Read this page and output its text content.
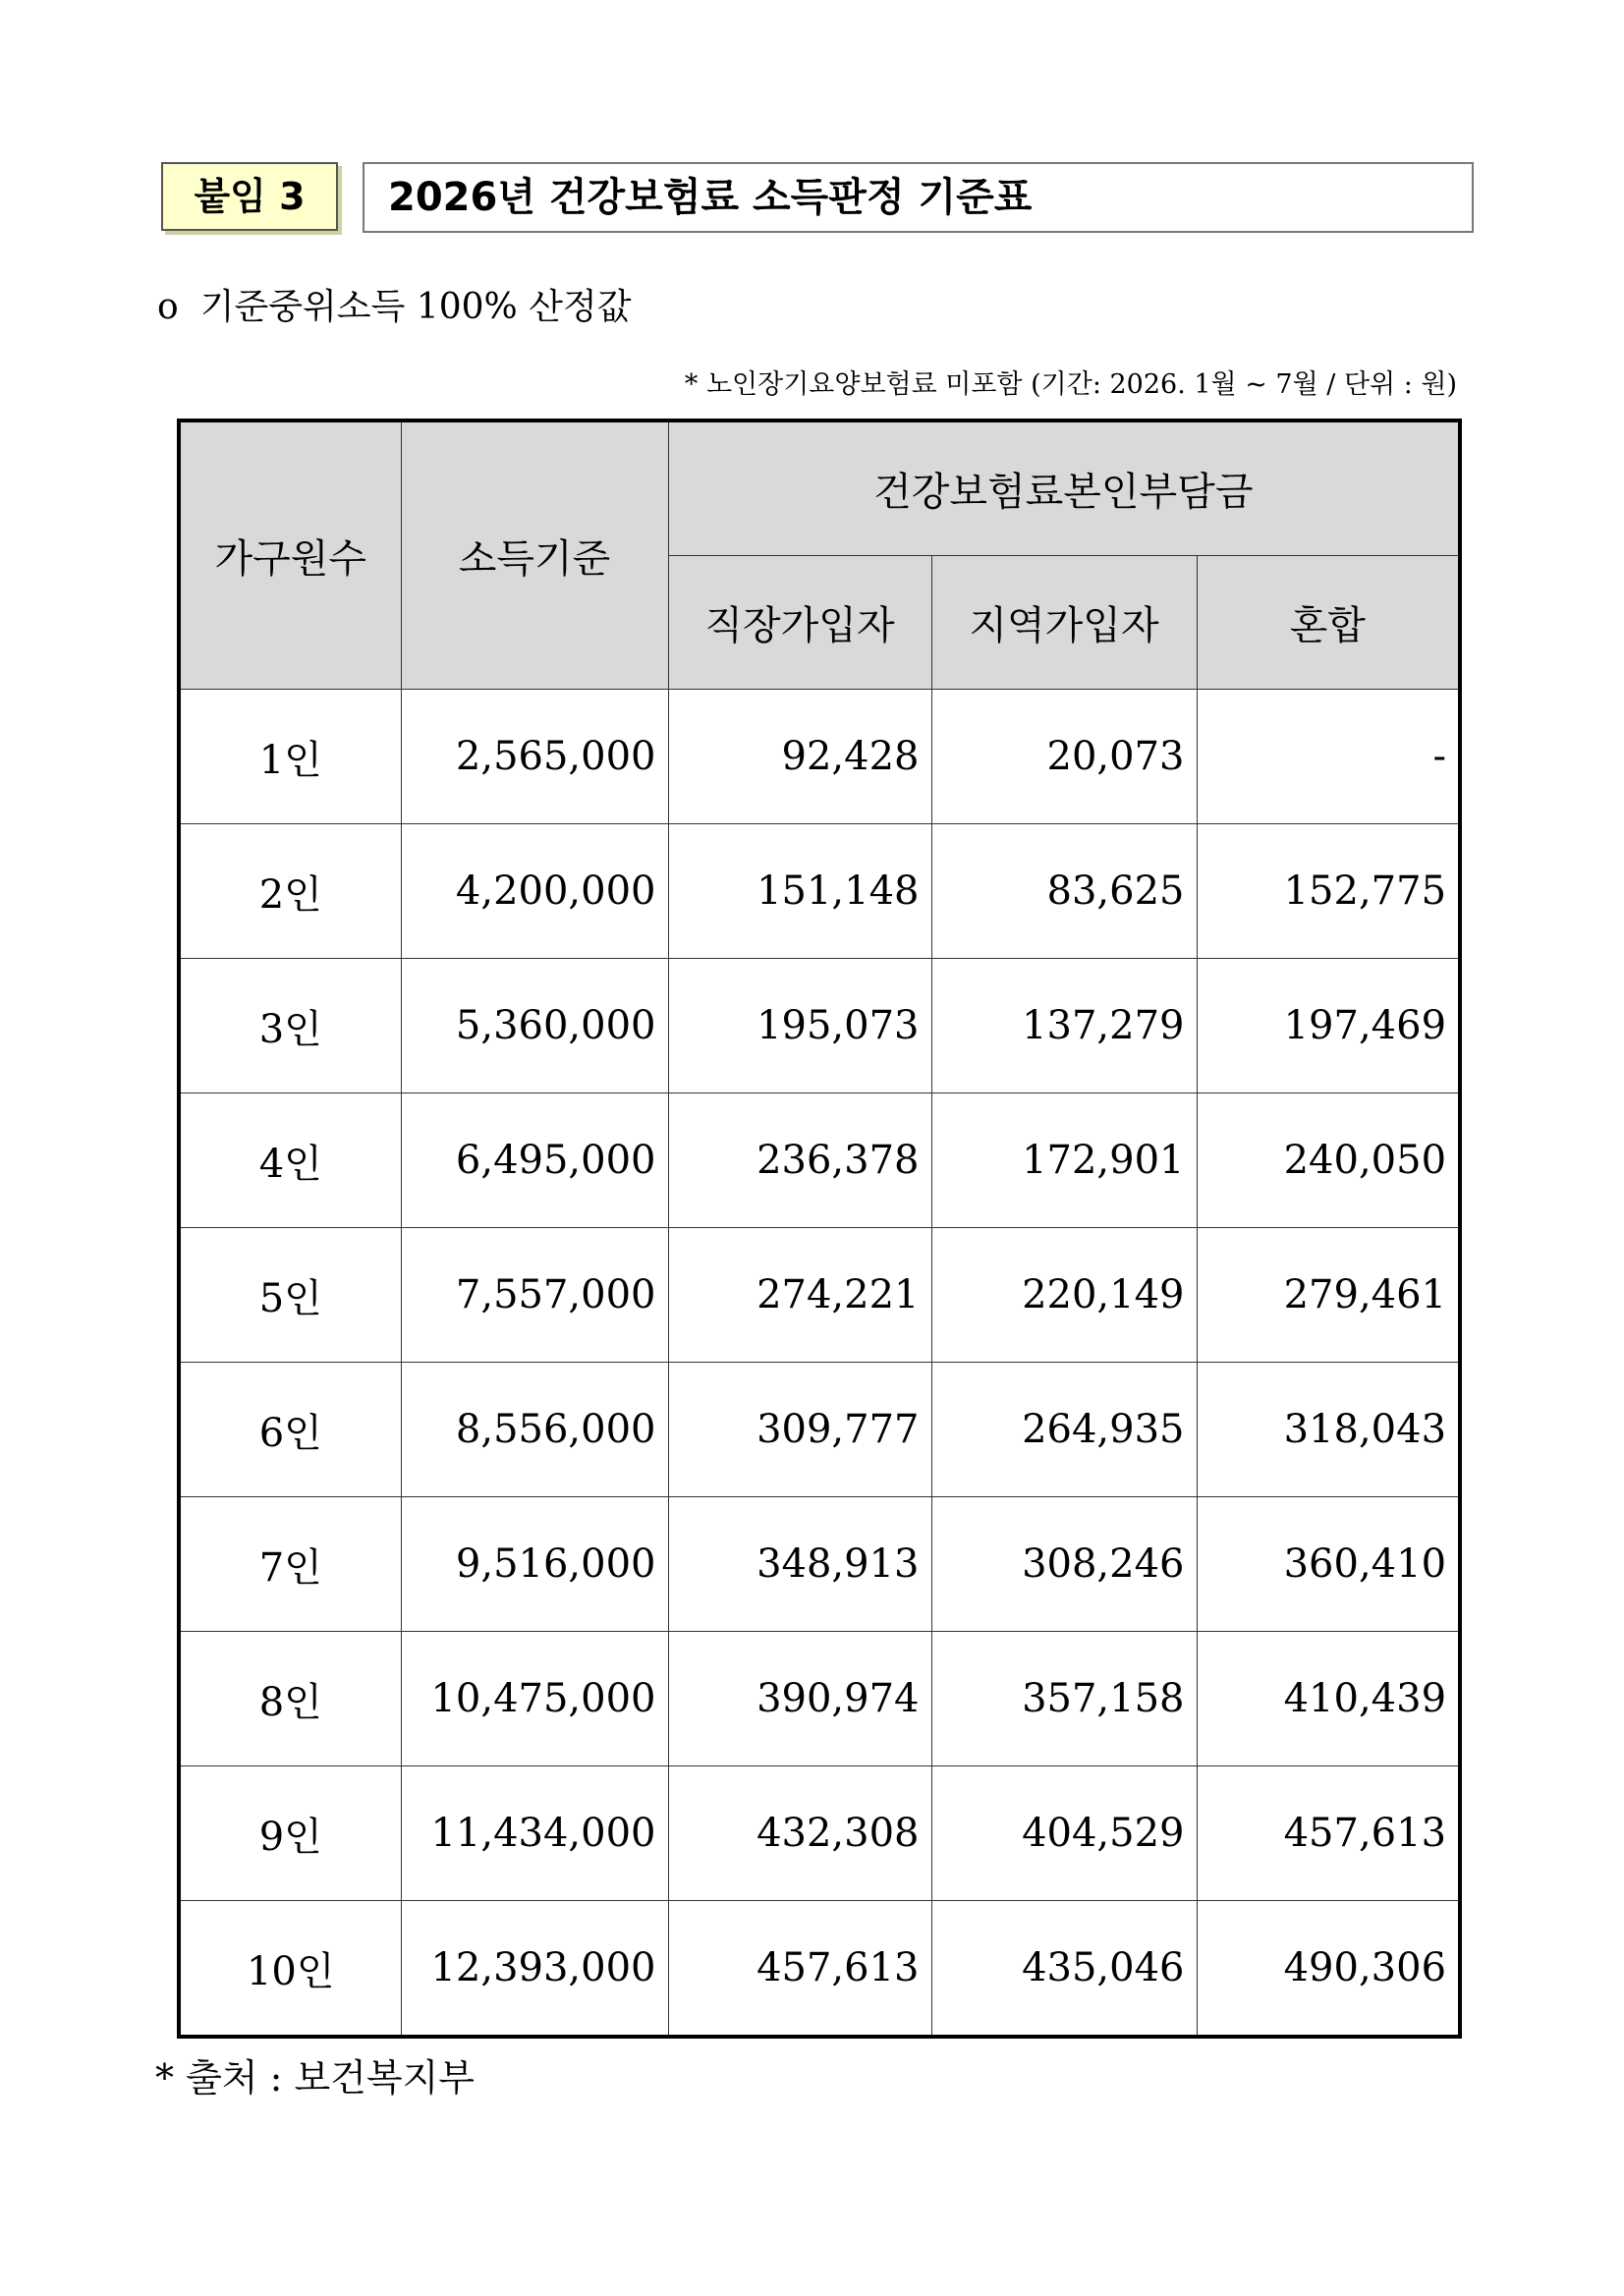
붙임 3	2026년 건강보험료 소득판정 기준표
o 기준중위소득 100% 산정값
* 노인장기요양보험료 미포함 (기간: 2026. 1월 ~ 7월 / 단위 : 원)
가구원수	소득기준	건강보험료본인부담금		
		직장가입자	지역가입자	혼합
1인	2,565,000	92,428	20,073	-
2인	4,200,000	151,148	83,625	152,775
3인	5,360,000	195,073	137,279	197,469
4인	6,495,000	236,378	172,901	240,050
5인	7,557,000	274,221	220,149	279,461
6인	8,556,000	309,777	264,935	318,043
7인	9,516,000	348,913	308,246	360,410
8인	10,475,000	390,974	357,158	410,439
9인	11,434,000	432,308	404,529	457,613
10인	12,393,000	457,613	435,046	490,306
* 출처 : 보건복지부
